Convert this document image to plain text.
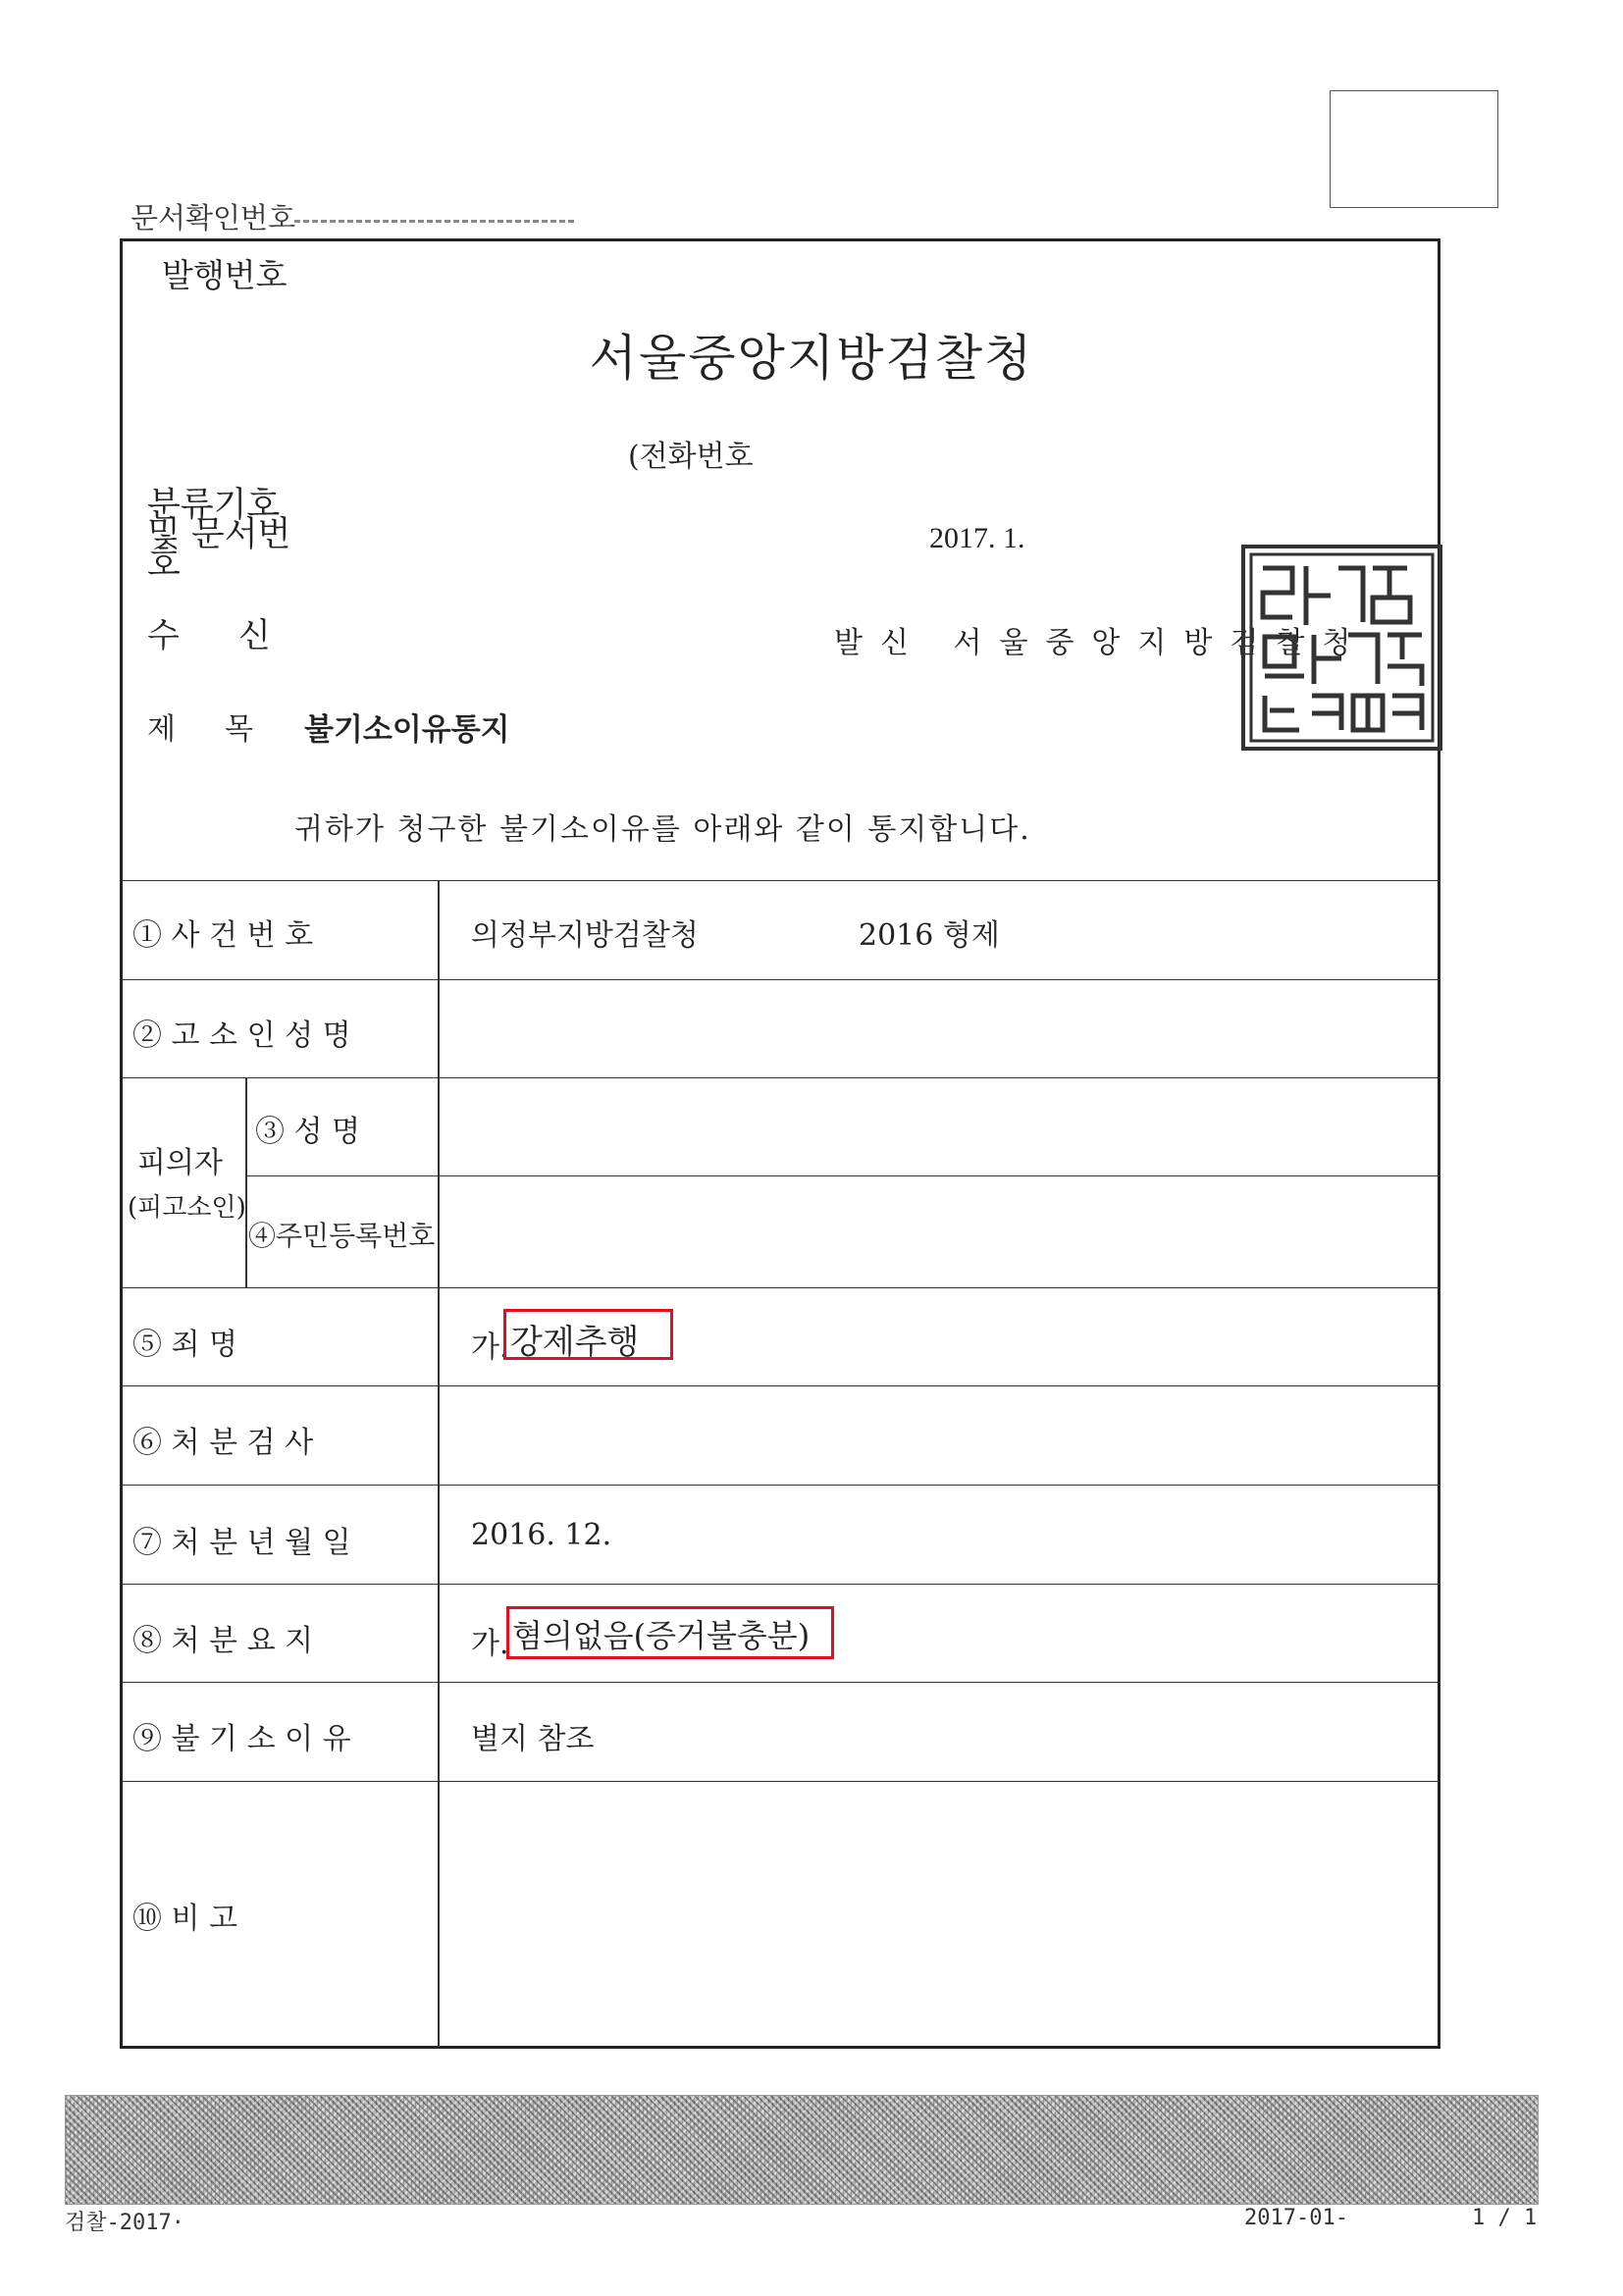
문서확인번호
발행번호
서울중앙지방검찰청
(전화번호
분류기호 및 문서번호
2017. 1.
수신	발신 서울중앙지방검찰청
제목 불기소이유통지
귀하가 청구한 불기소이유를 아래와 같이 통지합니다.
① 사 건 번 호	의정부지방검찰청	2016 형제
② 고 소 인 성 명
피의자
(피고소인)
③ 성 명
④주민등록번호
⑤ 죄 명	가. 강제추행
⑥ 처 분 검 사
⑦ 처 분 년 월 일	2016. 12.
⑧ 처 분 요 지	가. 혐의없음(증거불충분)
⑨ 불 기 소 이 유	별지 참조
⑩ 비 고
검찰-2017·	2017-01-	1 / 1
